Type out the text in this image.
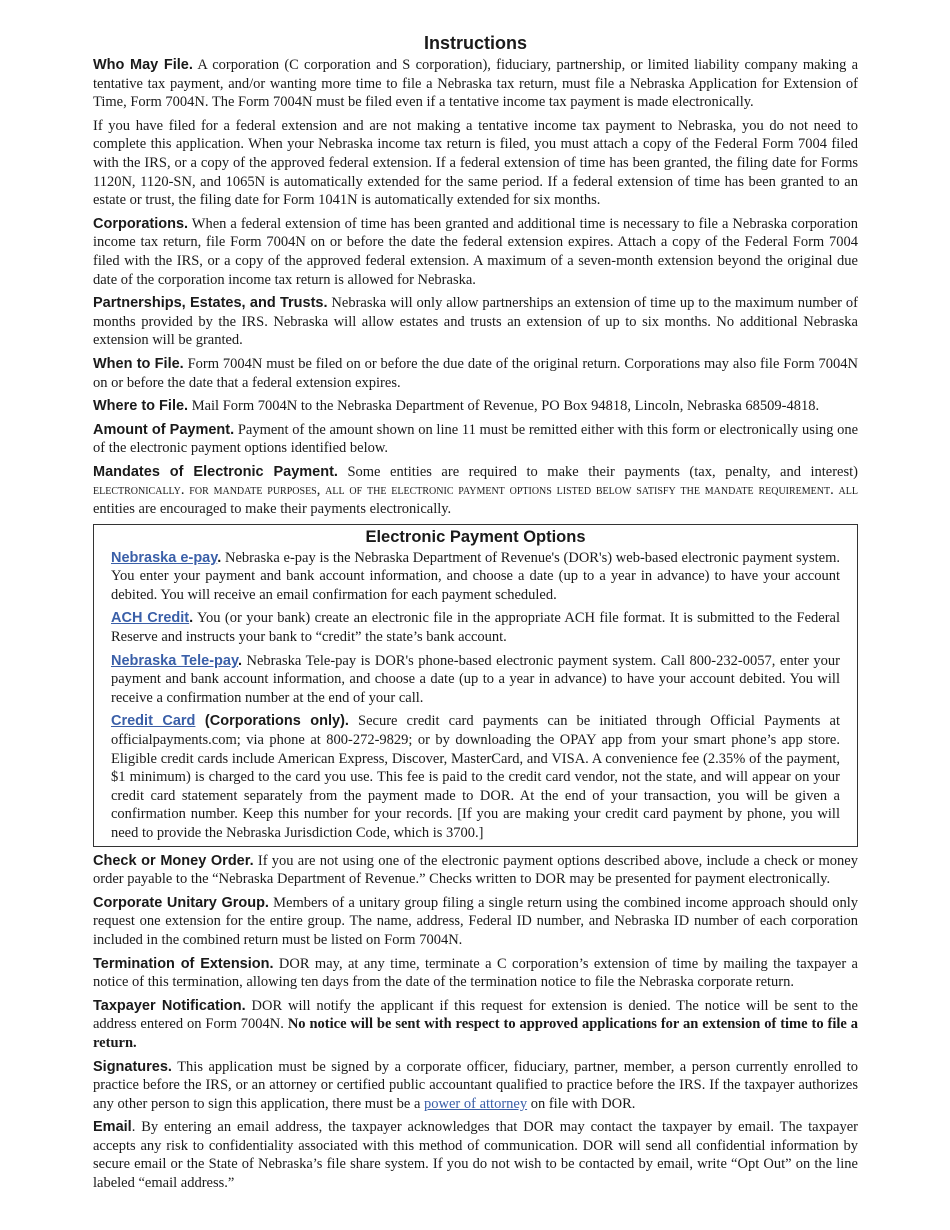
Instructions

Who May File. A corporation (C corporation and S corporation), fiduciary, partnership, or limited liability company making a tentative tax payment, and/or wanting more time to file a Nebraska tax return, must file a Nebraska Application for Extension of Time, Form 7004N. The Form 7004N must be filed even if a tentative income tax payment is made electronically.

If you have filed for a federal extension and are not making a tentative income tax payment to Nebraska, you do not need to complete this application. When your Nebraska income tax return is filed, you must attach a copy of the Federal Form 7004 filed with the IRS, or a copy of the approved federal extension. If a federal extension of time has been granted, the filing date for Forms 1120N, 1120-SN, and 1065N is automatically extended for the same period. If a federal extension of time has been granted to an estate or trust, the filing date for Form 1041N is automatically extended for six months.

Corporations. When a federal extension of time has been granted and additional time is necessary to file a Nebraska corporation income tax return, file Form 7004N on or before the date the federal extension expires. Attach a copy of the Federal Form 7004 filed with the IRS, or a copy of the approved federal extension. A maximum of a seven-month extension beyond the original due date of the corporation income tax return is allowed for Nebraska.

Partnerships, Estates, and Trusts. Nebraska will only allow partnerships an extension of time up to the maximum number of months provided by the IRS. Nebraska will allow estates and trusts an extension of up to six months. No additional Nebraska extension will be granted.

When to File. Form 7004N must be filed on or before the due date of the original return. Corporations may also file Form 7004N on or before the date that a federal extension expires.

Where to File. Mail Form 7004N to the Nebraska Department of Revenue, PO Box 94818, Lincoln, Nebraska 68509-4818.

Amount of Payment. Payment of the amount shown on line 11 must be remitted either with this form or electronically using one of the electronic payment options identified below.

Mandates of Electronic Payment. Some entities are required to make their payments (tax, penalty, and interest) electronically. for mandate purposes, all of the electronic payment options listed below satisfy the mandate requirement. all entities are encouraged to make their payments electronically.

Electronic Payment Options

Nebraska e-pay. Nebraska e-pay is the Nebraska Department of Revenue's (DOR's) web-based electronic payment system. You enter your payment and bank account information, and choose a date (up to a year in advance) to have your account debited. You will receive an email confirmation for each payment scheduled.

ACH Credit. You (or your bank) create an electronic file in the appropriate ACH file format. It is submitted to the Federal Reserve and instructs your bank to “credit” the state’s bank account.

Nebraska Tele-pay. Nebraska Tele-pay is DOR's phone-based electronic payment system. Call 800-232-0057, enter your payment and bank account information, and choose a date (up to a year in advance) to have your account debited. You will receive a confirmation number at the end of your call.

Credit Card (Corporations only). Secure credit card payments can be initiated through Official Payments at officialpayments.com; via phone at 800-272-9829; or by downloading the OPAY app from your smart phone’s app store. Eligible credit cards include American Express, Discover, MasterCard, and VISA. A convenience fee (2.35% of the payment, $1 minimum) is charged to the card you use. This fee is paid to the credit card vendor, not the state, and will appear on your credit card statement separately from the payment made to DOR. At the end of your transaction, you will be given a confirmation number. Keep this number for your records. [If you are making your credit card payment by phone, you will need to provide the Nebraska Jurisdiction Code, which is 3700.]

Check or Money Order. If you are not using one of the electronic payment options described above, include a check or money order payable to the “Nebraska Department of Revenue.” Checks written to DOR may be presented for payment electronically.

Corporate Unitary Group. Members of a unitary group filing a single return using the combined income approach should only request one extension for the entire group. The name, address, Federal ID number, and Nebraska ID number of each corporation included in the combined return must be listed on Form 7004N.

Termination of Extension. DOR may, at any time, terminate a C corporation’s extension of time by mailing the taxpayer a notice of this termination, allowing ten days from the date of the termination notice to file the Nebraska corporate return.

Taxpayer Notification. DOR will notify the applicant if this request for extension is denied. The notice will be sent to the address entered on Form 7004N. No notice will be sent with respect to approved applications for an extension of time to file a return.

Signatures. This application must be signed by a corporate officer, fiduciary, partner, member, a person currently enrolled to practice before the IRS, or an attorney or certified public accountant qualified to practice before the IRS. If the taxpayer authorizes any other person to sign this application, there must be a power of attorney on file with DOR.

Email. By entering an email address, the taxpayer acknowledges that DOR may contact the taxpayer by email. The taxpayer accepts any risk to confidentiality associated with this method of communication. DOR will send all confidential information by secure email or the State of Nebraska’s file share system. If you do not wish to be contacted by email, write “Opt Out” on the line labeled “email address.”
